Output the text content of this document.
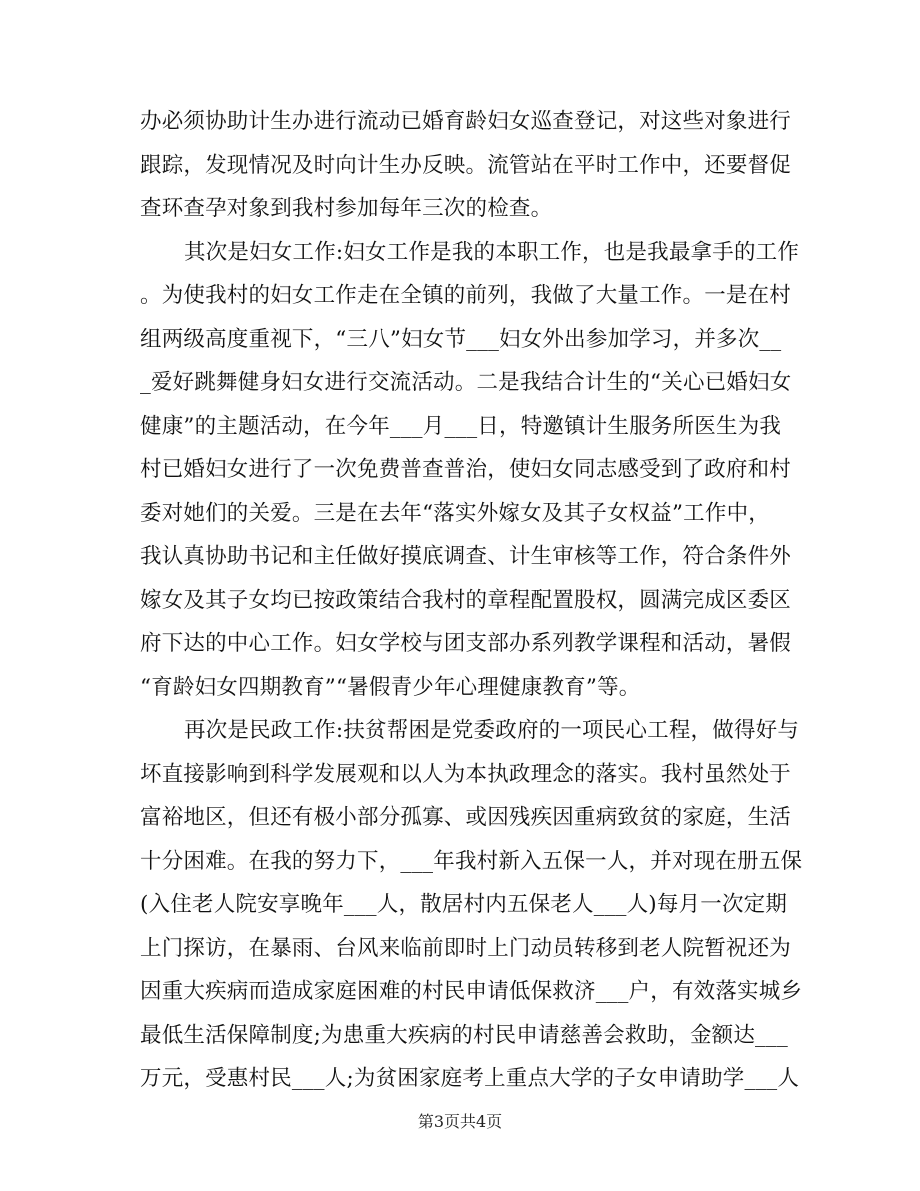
办必须协助计生办进行流动已婚育龄妇女巡查登记，对这些对象进行
跟踪，发现情况及时向计生办反映。流管站在平时工作中，还要督促
查环查孕对象到我村参加每年三次的检查。
其次是妇女工作:妇女工作是我的本职工作，也是我最拿手的工作
。为使我村的妇女工作走在全镇的前列，我做了大量工作。一是在村
组两级高度重视下，“三八”妇女节___妇女外出参加学习，并多次__
_爱好跳舞健身妇女进行交流活动。二是我结合计生的“关心已婚妇女
健康”的主题活动，在今年___月___日，特邀镇计生服务所医生为我
村已婚妇女进行了一次免费普查普治，使妇女同志感受到了政府和村
委对她们的关爱。三是在去年“落实外嫁女及其子女权益”工作中，
我认真协助书记和主任做好摸底调查、计生审核等工作，符合条件外
嫁女及其子女均已按政策结合我村的章程配置股权，圆满完成区委区
府下达的中心工作。妇女学校与团支部办系列教学课程和活动，暑假
“育龄妇女四期教育”“暑假青少年心理健康教育”等。
再次是民政工作:扶贫帮困是党委政府的一项民心工程，做得好与
坏直接影响到科学发展观和以人为本执政理念的落实。我村虽然处于
富裕地区，但还有极小部分孤寡、或因残疾因重病致贫的家庭，生活
十分困难。在我的努力下，___年我村新入五保一人，并对现在册五保
(入住老人院安享晚年___人，散居村内五保老人___人)每月一次定期
上门探访，在暴雨、台风来临前即时上门动员转移到老人院暂祝还为
因重大疾病而造成家庭困难的村民申请低保救济___户，有效落实城乡
最低生活保障制度;为患重大疾病的村民申请慈善会救助，金额达___
万元，受惠村民___人;为贫困家庭考上重点大学的子女申请助学___人
第3页共4页
